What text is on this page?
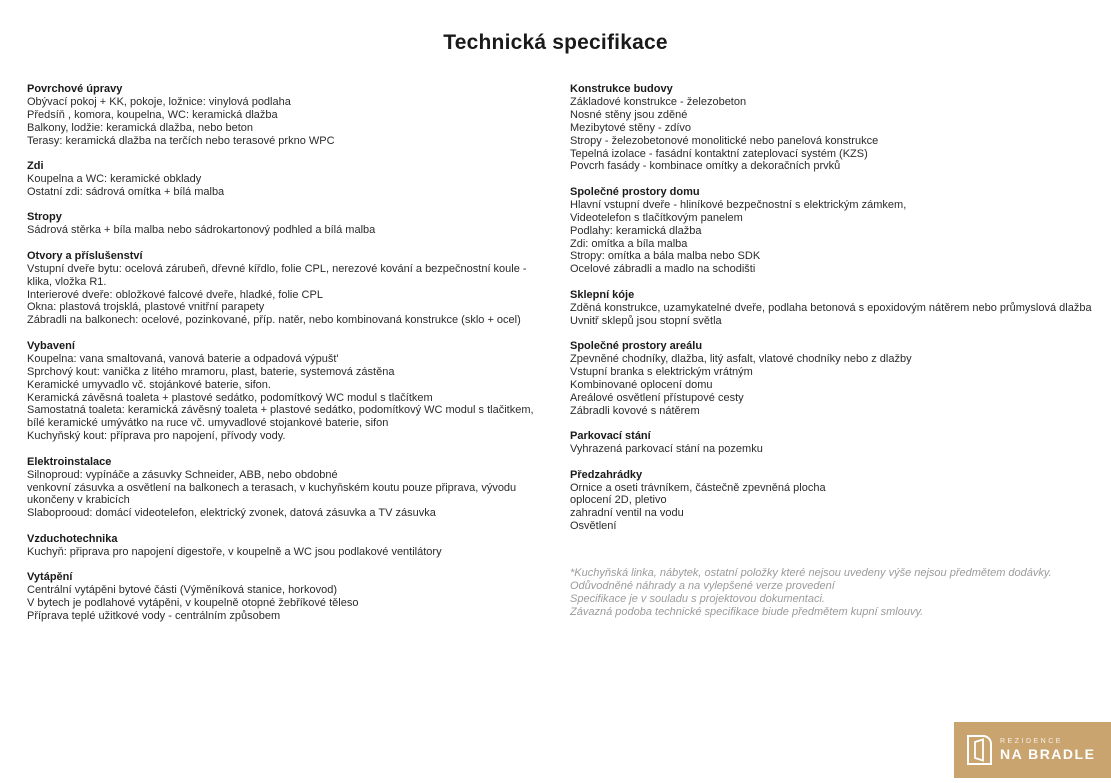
Technická specifikace
Povrchové úpravy
Obývací pokoj + KK, pokoje, ložnice: vinylová podlaha
Předsíň , komora, koupelna, WC: keramická dlažba
Balkony, lodžie: keramická dlažba, nebo beton
Terasy: keramická dlažba na terčích nebo terasové prkno WPC
Zdi
Koupelna a WC: keramické obklady
Ostatní zdi: sádrová omítka + bílá malba
Stropy
Sádrová stěrka + bíla malba nebo sádrokartonový podhled a bílá malba
Otvory a příslušenství
Vstupní dveře bytu: ocelová zárubeň, dřevné kířdlo, folie CPL, nerezové kování a bezpečnostní koule - klika, vložka R1.
Interierové dveře: obložkové falcové dveře, hladké, folie CPL
Okna: plastová trojsklá, plastové vnitřní parapety
Zábradli na balkonech: ocelové, pozinkované, příp. natěr, nebo kombinovaná konstrukce (sklo + ocel)
Vybavení
Koupelna: vana smaltovaná, vanová baterie a odpadová výpušt'
Sprchový kout: vanička z litého mramoru, plast, baterie, systemová zástěna
Keramické umyvadlo vč. stojánkové baterie, sifon.
Keramická závěsná toaleta + plastové sedátko, podomítkový WC modul s tlačítkem
Samostatná toaleta: keramická závěsný toaleta + plastové sedátko, podomítkový WC modul s tlačitkem, bílé keramické umývátko na ruce vč. umyvadlové stojankové baterie, sifon
Kuchyňský kout: příprava pro napojení, přívody vody.
Elektroinstalace
Silnoproud: vypínáče a zásuvky Schneider, ABB, nebo obdobné
venkovní zásuvka a osvětlení na balkonech a terasach, v kuchyňském koutu pouze připrava, vývodu ukončeny v krabicích
Slaboprooud: domácí videotelefon, elektrický zvonek, datová zásuvka a TV zásuvka
Vzduchotechnika
Kuchyň: připrava pro napojení digestoře, v koupelně a WC jsou podlakové ventilátory
Vytápění
Centrální vytápěni bytové části (Výměníková stanice, horkovod)
V bytech je podlahové vytápěni, v koupelně otopné žebříkové těleso
Příprava teplé užitkové vody - centrálním způsobem
Konstrukce budovy
Základové konstrukce - železobeton
Nosné stěny jsou zděné
Mezibytové stěny - zdívo
Stropy - železobetonové monolitické nebo panelová konstrukce
Tepelná izolace - fasádní kontaktní zateplovací systém (KZS)
Povcrh fasády - kombinace omítky a dekoračních prvků
Společné prostory domu
Hlavní vstupní dveře - hliníkové bezpečnostní s elektrickým zámkem,
Videotelefon s tlačítkovým panelem
Podlahy: keramická dlažba
Zdi: omítka a bíla malba
Stropy: omítka a bála malba nebo SDK
Ocelové zábradli a madlo na schodišti
Sklepní kóje
Zděná konstrukce, uzamykatelné dveře, podlaha betonová s epoxidovým nátěrem nebo průmyslová dlažba
Uvnitř sklepů jsou stopní světla
Společné prostory areálu
Zpevněné chodníky, dlažba, litý asfalt, vlatové chodníky nebo z dlažby
Vstupní branka s elektrickým vrátným
Kombinované oplocení domu
Areálové osvětlení přístupové cesty
Zábradli kovové s nátěrem
Parkovací stání
Vyhrazená parkovací stání na pozemku
Předzahrádky
Ornice a oseti trávníkem, částečně zpevněná plocha
oplocení 2D, pletivo
zahradní ventil na vodu
Osvětlení
*Kuchyňská linka, nábytek, ostatní položky které nejsou uvedeny výše nejsou předmětem dodávky.
Odůvodněné náhrady a na vylepšené verze provedení
Specifikace je v souladu s projektovou dokumentaci.
Závazná podoba technické specifikace biude předmětem kupní smlouvy.
REZIDENCE
NA BRADLE
